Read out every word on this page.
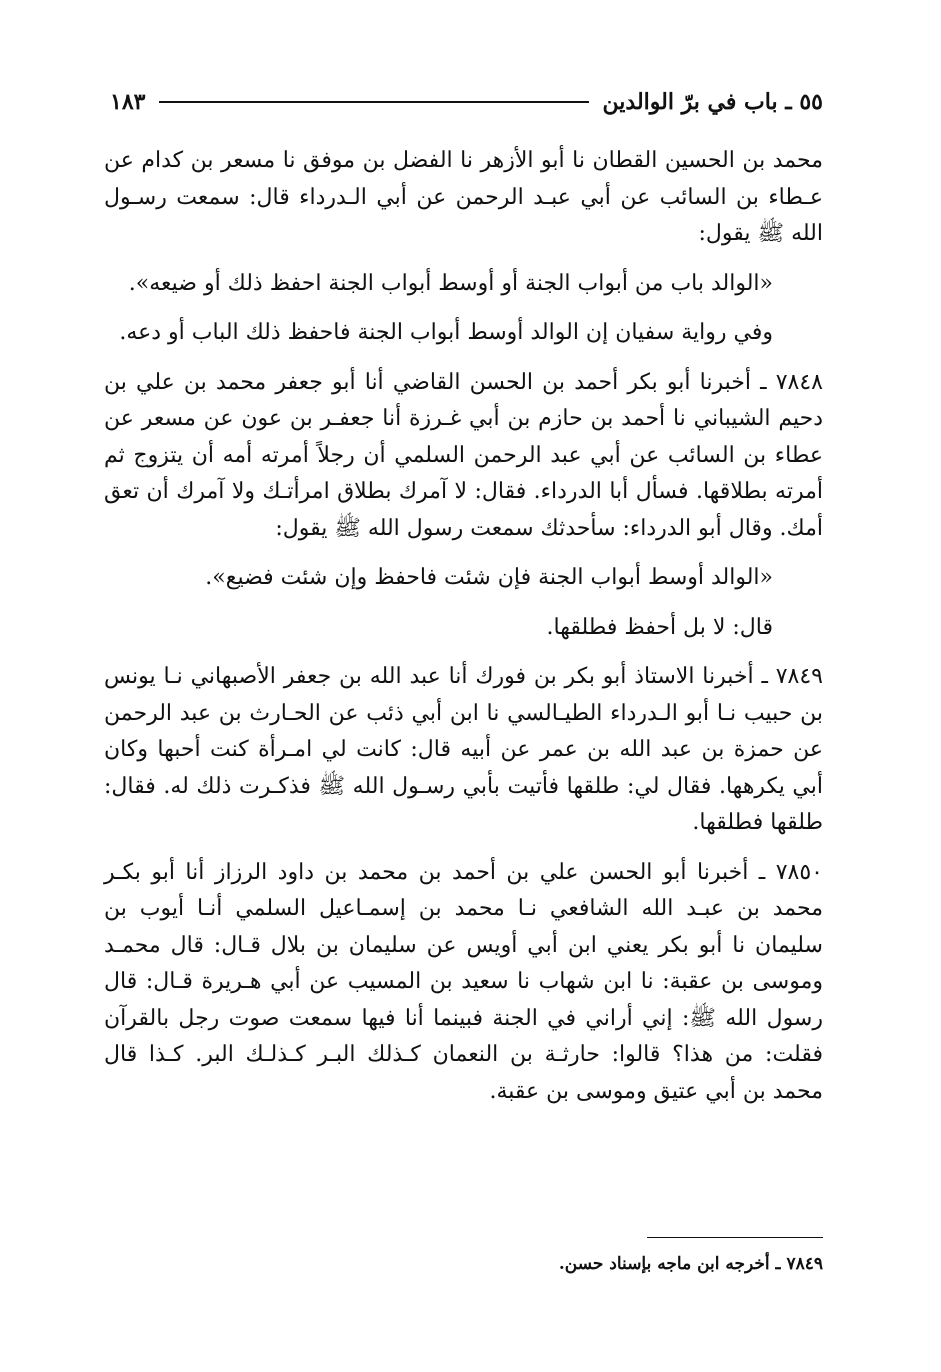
٥٥ ـ باب في برّ الوالدين
١٨٣

محمد بن الحسين القطان نا أبو الأزهر نا الفضل بن موفق نا مسعر بن كدام عن عـطاء بن السائب عن أبي عبـد الرحمن عن أبي الـدرداء قال: سمعت رسـول الله ﷺ يقول:

«الوالد باب من أبواب الجنة أو أوسط أبواب الجنة احفظ ذلك أو ضيعه».

وفي رواية سفيان إن الوالد أوسط أبواب الجنة فاحفظ ذلك الباب أو دعه.

٧٨٤٨ ـ أخبرنا أبو بكر أحمد بن الحسن القاضي أنا أبو جعفر محمد بن علي بن دحيم الشيباني نا أحمد بن حازم بن أبي غـرزة أنا جعفـر بن عون عن مسعر عن عطاء بن السائب عن أبي عبد الرحمن السلمي أن رجلاً أمرته أمه أن يتزوج ثم أمرته بطلاقها. فسأل أبا الدرداء. فقال: لا آمرك بطلاق امرأتـك ولا آمرك أن تعق أمك. وقال أبو الدرداء: سأحدثك سمعت رسول الله ﷺ يقول:

«الوالد أوسط أبواب الجنة فإن شئت فاحفظ وإن شئت فضيع».

قال: لا بل أحفظ فطلقها.

٧٨٤٩ ـ أخبرنا الاستاذ أبو بكر بن فورك أنا عبد الله بن جعفر الأصبهاني نـا يونس بن حبيب نـا أبو الـدرداء الطيـالسي نا ابن أبي ذئب عن الحـارث بن عبد الرحمن عن حمزة بن عبد الله بن عمر عن أبيه قال: كانت لي امـرأة كنت أحبها وكان أبي يكرهها. فقال لي: طلقها فأتيت بأبي رسـول الله ﷺ فذكـرت ذلك له. فقال: طلقها فطلقها.

٧٨٥٠ ـ أخبرنا أبو الحسن علي بن أحمد بن محمد بن داود الرزاز أنا أبو بكـر محمد بن عبـد الله الشافعي نـا محمد بن إسمـاعيل السلمي أنـا أيوب بن سليمان نا أبو بكر يعني ابن أبي أويس عن سليمان بن بلال قـال: قال محمـد وموسى بن عقبة: نا ابن شهاب نا سعيد بن المسيب عن أبي هـريرة قـال: قال رسول الله ﷺ: إني أراني في الجنة فبينما أنا فيها سمعت صوت رجل بالقرآن فقلت: من هذا؟ قالوا: حارثـة بن النعمان كـذلك البـر كـذلـك البر. كـذا قال محمد بن أبي عتيق وموسى بن عقبة.

٧٨٤٩ ـ أخرجه ابن ماجه بإسناد حسن.
